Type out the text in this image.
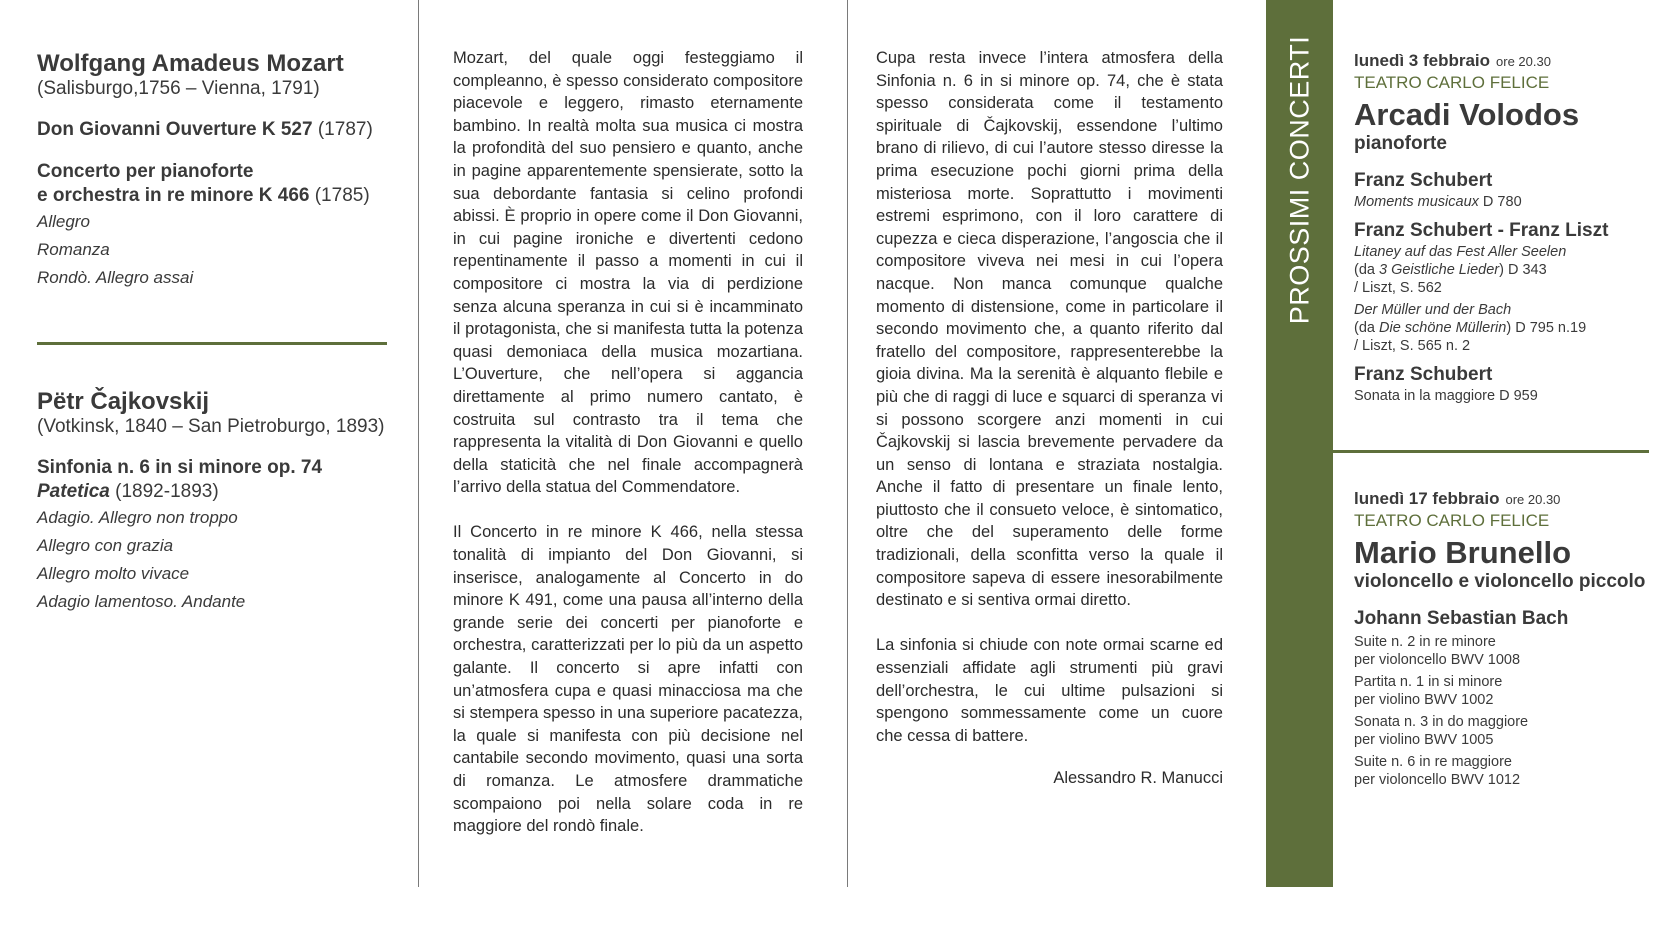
Wolfgang Amadeus Mozart

(Salisburgo,1756 – Vienna, 1791)

Don Giovanni Ouverture K 527 (1787)

Concerto per pianoforte

e orchestra in re minore K 466 (1785)

Allegro

Romanza

Rondò. Allegro assai

Pëtr Čajkovskij

(Votkinsk, 1840 – San Pietroburgo, 1893)

Sinfonia n. 6 in si minore op. 74

Patetica (1892-1893)

Adagio. Allegro non troppo

Allegro con grazia

Allegro molto vivace

Adagio lamentoso. Andante

Mozart, del quale oggi festeggiamo il compleanno, è spesso considerato compositore piacevole e leggero, rimasto eternamente bambino. In realtà molta sua musica ci mostra la profondità del suo pensiero e quanto, anche in pagine apparentemente spensierate, sotto la sua debordante fantasia si celino profondi abissi. È proprio in opere come il Don Giovanni, in cui pagine ironiche e divertenti cedono repentinamente il passo a momenti in cui il compositore ci mostra la via di perdizione senza alcuna speranza in cui si è incamminato il protagonista, che si manifesta tutta la potenza quasi demoniaca della musica mozartiana. L’Ouverture, che nell’opera si aggancia direttamente al primo numero cantato, è costruita sul contrasto tra il tema che rappresenta la vitalità di Don Giovanni e quello della staticità che nel finale accompagnerà l’arrivo della statua del Commendatore.

Il Concerto in re minore K 466, nella stessa tonalità di impianto del Don Giovanni, si inserisce, analogamente al Concerto in do minore K 491, come una pausa all’interno della grande serie dei concerti per pianoforte e orchestra, caratterizzati per lo più da un aspetto galante. Il concerto si apre infatti con un’atmosfera cupa e quasi minacciosa ma che si stempera spesso in una superiore pacatezza, la quale si manifesta con più decisione nel cantabile secondo movimento, quasi una sorta di romanza. Le atmosfere drammatiche scompaiono poi nella solare coda in re maggiore del rondò finale.

Cupa resta invece l’intera atmosfera della Sinfonia n. 6 in si minore op. 74, che è stata spesso considerata come il testamento spirituale di Čajkovskij, essendone l’ultimo brano di rilievo, di cui l’autore stesso diresse la prima esecuzione pochi giorni prima della misteriosa morte. Soprattutto i movimenti estremi esprimono, con il loro carattere di cupezza e cieca disperazione, l’angoscia che il compositore viveva nei mesi in cui l’opera nacque. Non manca comunque qualche momento di distensione, come in particolare il secondo movimento che, a quanto riferito dal fratello del compositore, rappresenterebbe la gioia divina. Ma la serenità è alquanto flebile e più che di raggi di luce e squarci di speranza vi si possono scorgere anzi momenti in cui Čajkovskij si lascia brevemente pervadere da un senso di lontana e straziata nostalgia. Anche il fatto di presentare un finale lento, piuttosto che il consueto veloce, è sintomatico, oltre che del superamento delle forme tradizionali, della sconfitta verso la quale il compositore sapeva di essere inesorabilmente destinato e si sentiva ormai diretto.

La sinfonia si chiude con note ormai scarne ed essenziali affidate agli strumenti più gravi dell’orchestra, le cui ultime pulsazioni si spengono sommessamente come un cuore che cessa di battere.

Alessandro R. Manucci
PROSSIMI CONCERTI lunedì 3 febbraio ore 20.30

TEATRO CARLO FELICE

Arcadi Volodos

pianoforte

Franz Schubert

Moments musicaux D 780

Franz Schubert - Franz Liszt

Litaney auf das Fest Aller Seelen

(da 3 Geistliche Lieder) D 343

/ Liszt, S. 562

Der Müller und der Bach

(da Die schöne Müllerin) D 795 n.19

/ Liszt, S. 565 n. 2

Franz Schubert

Sonata in la maggiore D 959

lunedì 17 febbraio ore 20.30

TEATRO CARLO FELICE

Mario Brunello

violoncello e violoncello piccolo

Johann Sebastian Bach

Suite n. 2 in re minore

per violoncello BWV 1008

Partita n. 1 in si minore

per violino BWV 1002

Sonata n. 3 in do maggiore

per violino BWV 1005

Suite n. 6 in re maggiore

per violoncello BWV 1012
